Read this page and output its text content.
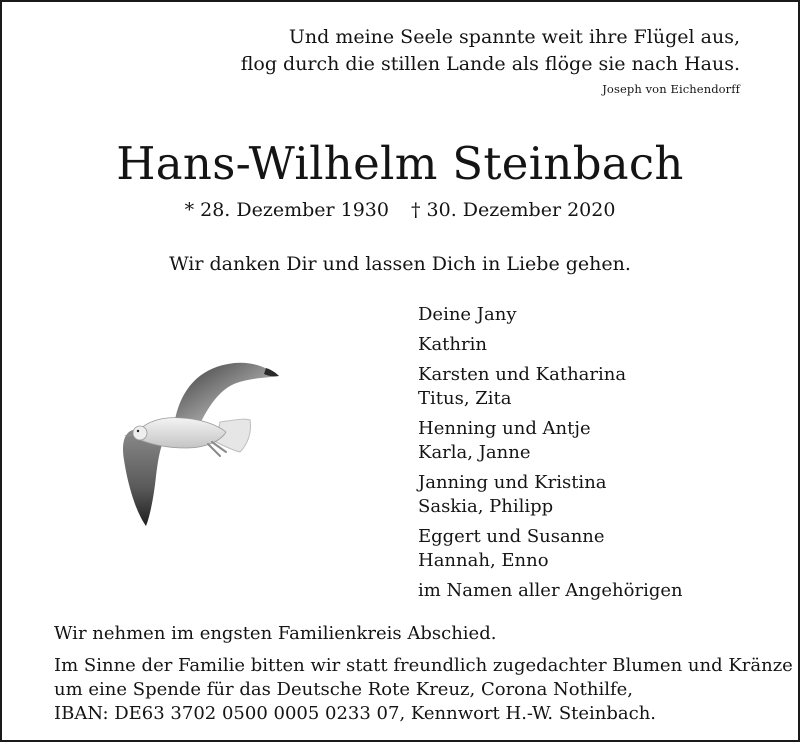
Und meine Seele spannte weit ihre Flügel aus,
flog durch die stillen Lande als flöge sie nach Haus.
Joseph von Eichendorff
Hans-Wilhelm Steinbach
* 28. Dezember 1930 † 30. Dezember 2020
Wir danken Dir und lassen Dich in Liebe gehen.
Deine Jany
Kathrin
Karsten und Katharina
Titus, Zita
Henning und Antje
Karla, Janne
Janning und Kristina
Saskia, Philipp
Eggert und Susanne
Hannah, Enno
im Namen aller Angehörigen
Wir nehmen im engsten Familienkreis Abschied.
Im Sinne der Familie bitten wir statt freundlich zugedachter Blumen und Kränze
um eine Spende für das Deutsche Rote Kreuz, Corona Nothilfe,
IBAN: DE63 3702 0500 0005 0233 07, Kennwort H.-W. Steinbach.
